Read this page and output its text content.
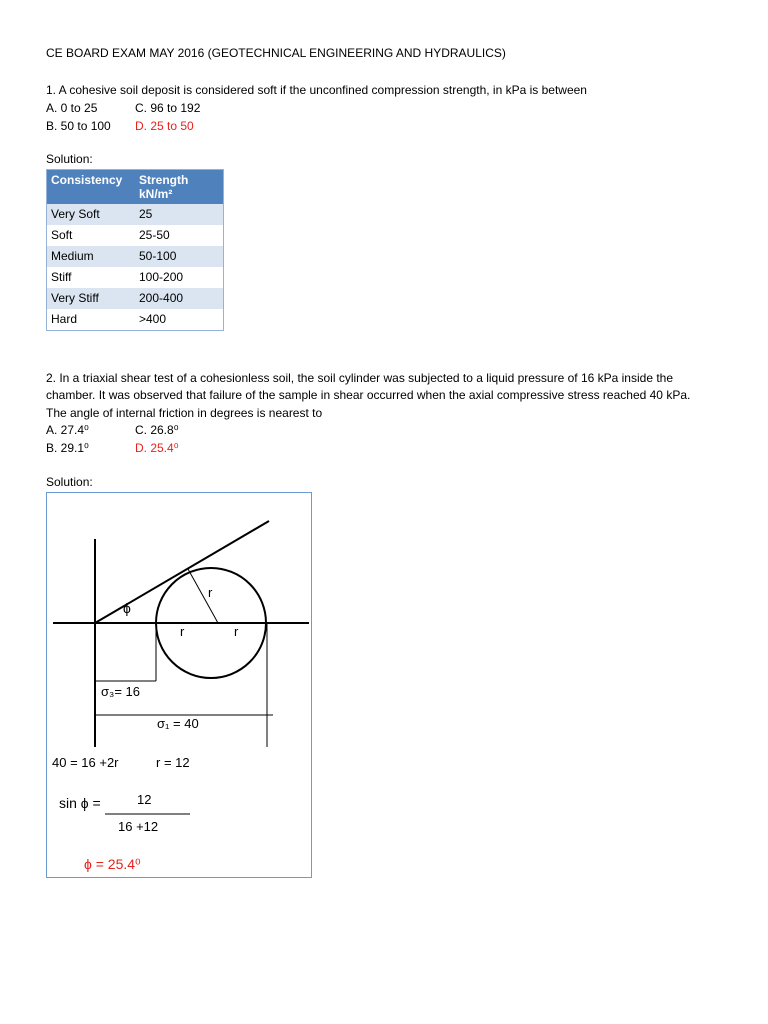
CE BOARD EXAM MAY 2016 (GEOTECHNICAL ENGINEERING AND HYDRAULICS)
1. A cohesive soil deposit is considered soft if the unconfined compression strength, in kPa is between
A. 0 to 25	C. 96 to 192
B. 50 to 100 D. 25 to 50
Solution:
Consistency	Strength
kN/m²

Very Soft	25
Soft	25-50
Medium	50-100
Stiff	100-200
Very Stiff	200-400
Hard	>400
2. In a triaxial shear test of a cohesionless soil, the soil cylinder was subjected to a liquid pressure of 16 kPa inside the
chamber. It was observed that failure of the sample in shear occurred when the axial compressive stress reached 40 kPa.
The angle of internal friction in degrees is nearest to
A. 27.4⁰	C. 26.8⁰
B. 29.1⁰	D. 25.4⁰
Solution:
ϕ
r
r	r
σ₃= 16
σ₁ = 40
40 = 16 +2r	r = 12
sin ϕ =	12
16 +12
ϕ = 25.4⁰
